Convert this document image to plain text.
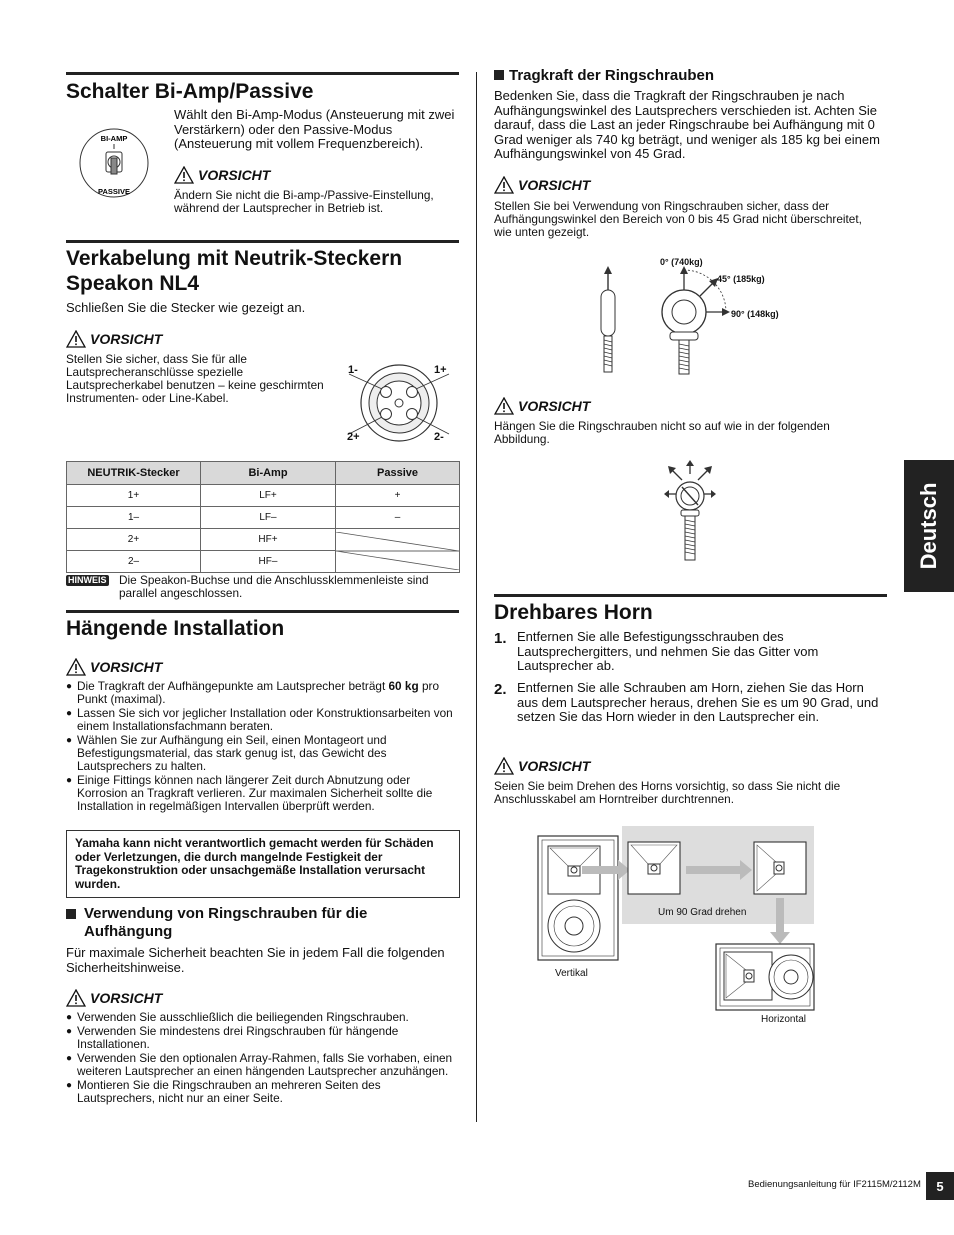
Schalter Bi-Amp/Passive
BI-AMP
PASSIVE

Wählt den Bi-Amp-Modus (Ansteuerung mit zwei Verstärkern) oder den Passive-Modus (Ansteuerung mit vollem Frequenzbereich).

VORSICHT

Ändern Sie nicht die Bi-amp-/Passive-Einstellung, während der Lautsprecher in Betrieb ist.

Verkabelung mit Neutrik-Steckern Speakon NL4

Schließen Sie die Stecker wie gezeigt an.

VORSICHT

Stellen Sie sicher, dass Sie für alle Lautsprecheranschlüsse spezielle Lautsprecherkabel benutzen – keine geschirmten Instrumenten- oder Line-Kabel.

1-	1+
2+	2-
NEUTRIK-Stecker	Bi-Amp	Passive
1+	LF+	+
1–	LF–	–
2+	HF+	

2–	HF–	
HINWEIS Die Speakon-Buchse und die Anschlussklemmenleiste sind parallel angeschlossen.

Hängende Installation
VORSICHT
● Die Tragkraft der Aufhängepunkte am Lautsprecher beträgt 60 kg pro Punkt (maximal).
● Lassen Sie sich vor jeglicher Installation oder Konstruktionsarbeiten von einem Installationsfachmann beraten.
● Wählen Sie zur Aufhängung ein Seil, einen Montageort und Befestigungsmaterial, das stark genug ist, das Gewicht des Lautsprechers zu halten.
● Einige Fittings können nach längerer Zeit durch Abnutzung oder Korrosion an Tragkraft verlieren. Zur maximalen Sicherheit sollte die Installation in regelmäßigen Intervallen überprüft werden.
Yamaha kann nicht verantwortlich gemacht werden für Schäden oder Verletzungen, die durch mangelnde Festigkeit der Tragekonstruktion oder unsachgemäße Installation verursacht wurden.
Verwendung von Ringschrauben für die Aufhängung

Für maximale Sicherheit beachten Sie in jedem Fall die folgenden Sicherheitshinweise.

VORSICHT
● Verwenden Sie ausschließlich die beiliegenden Ringschrauben.
● Verwenden Sie mindestens drei Ringschrauben für hängende Installationen.
● Verwenden Sie den optionalen Array-Rahmen, falls Sie vorhaben, einen weiteren Lautsprecher an einen hängenden Lautsprecher anzuhängen.
● Montieren Sie die Ringschrauben an mehreren Seiten des Lautsprechers, nicht nur an einer Seite.
Tragkraft der Ringschrauben

Bedenken Sie, dass die Tragkraft der Ringschrauben je nach Aufhängungswinkel des Lautsprechers verschieden ist. Achten Sie darauf, dass die Last an jeder Ringschraube bei Aufhängung mit 0 Grad weniger als 740 kg beträgt, und weniger als 185 kg bei einem Aufhängungswinkel von 45 Grad.

VORSICHT

Stellen Sie bei Verwendung von Ringschrauben sicher, dass der Aufhängungswinkel den Bereich von 0 bis 45 Grad nicht überschreitet, wie unten gezeigt.

0° (740kg)
45° (185kg)
90° (148kg)
VORSICHT

Hängen Sie die Ringschrauben nicht so auf wie in der folgenden Abbildung.

Drehbares Horn
1. Entfernen Sie alle Befestigungsschrauben des Lautsprechergitters, und nehmen Sie das Gitter vom Lautsprecher ab.

2. Entfernen Sie alle Schrauben am Horn, ziehen Sie das Horn aus dem Lautsprecher heraus, drehen Sie es um 90 Grad, und setzen Sie das Horn wieder in den Lautsprecher ein.

VORSICHT

Seien Sie beim Drehen des Horns vorsichtig, so dass Sie nicht die Anschlusskabel am Horntreiber durchtrennen.

Um 90 Grad drehen
Vertikal
Horizontal
Deutsch
Bedienungsanleitung für IF2115M/2112M	5
